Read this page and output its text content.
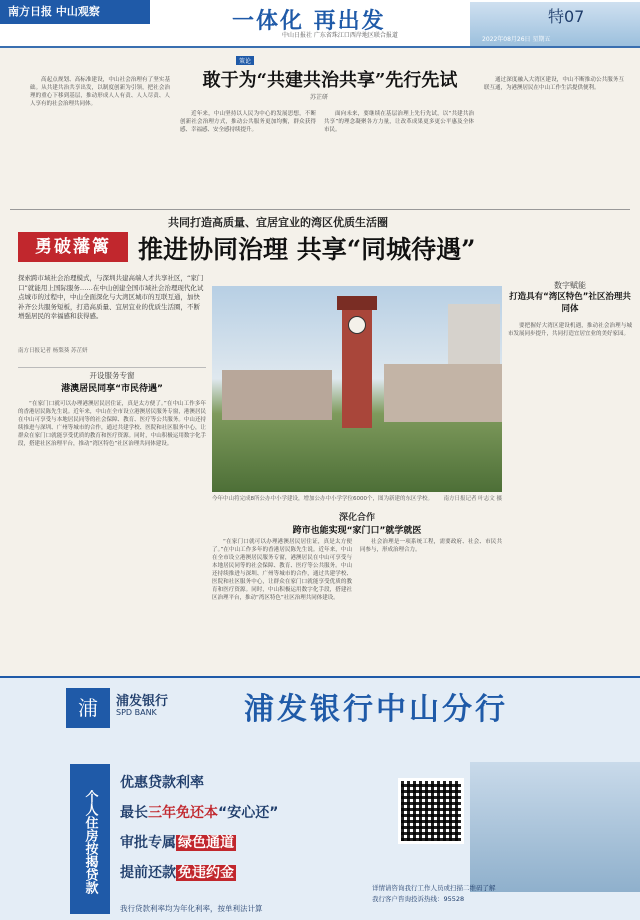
南方日报 中山观察	一体化 再出发
中山日报社 广东省珠江口西岸地区联合报道
特07
2022年08月26日 星期五
策论
敢于为“共建共治共享”先行先试
苏芷研

高起点规划、高标准建设，中山社会治理有了坚实基础。从共建共治共享出发，以制度创新为引领，把社会治理的重心下移到基层，推动形成人人有责、人人尽责、人人享有的社会治理共同体。

近年来，中山坚持以人民为中心的发展思想，不断创新社会治理方式，推动公共服务更加均衡，群众获得感、幸福感、安全感持续提升。

面向未来，要继续在基层治理上先行先试，以“共建共治共享”的理念凝聚各方力量，让改革成果更多更公平惠及全体市民。

通过深度融入大湾区建设，中山不断推动公共服务互联互通，为港澳居民在中山工作生活提供便利。

共同打造高质量、宜居宜业的湾区优质生活圈
勇破藩篱	推进协同治理 共享“同城待遇”
探索跨市域社会治理模式，与深圳共建高端人才共享社区，“家门口”就能用上国际服务……在中山创建全国市域社会治理现代化试点城市的过程中，中山全面深化与大湾区城市的互联互通，加快补齐公共服务短板，打造高质量、宜居宜业的优质生活圈，不断增强居民的幸福感和获得感。
南方日报记者 杨梨葵 苏芷妍
开设服务专窗
港澳居民同享“市民待遇”

“在家门口就可以办理港澳居民居住证，真是太方便了。”在中山工作多年的香港居民陈先生说。近年来，中山在全市设立港澳居民服务专窗，港澳居民在中山可享受与本地居民同等的社会保障、教育、医疗等公共服务。中山还持续推进与深圳、广州等城市的合作，通过共建学校、医院和社区服务中心，让群众在家门口就能享受优质的教育和医疗资源。同时，中山积极运用数字化手段，搭建社区治理平台，推动“湾区特色”社区治理共同体建设。

今年中山将完成8所公办中小学建设，增加公办中小学学位6000个，图为新建的东区学校。 南方日报记者 叶志文 摄
深化合作
跨市也能实现“家门口”就学就医

“在家门口就可以办理港澳居民居住证，真是太方便了。”在中山工作多年的香港居民陈先生说。近年来，中山在全市设立港澳居民服务专窗，港澳居民在中山可享受与本地居民同等的社会保障、教育、医疗等公共服务。中山还持续推进与深圳、广州等城市的合作，通过共建学校、医院和社区服务中心，让群众在家门口就能享受优质的教育和医疗资源。同时，中山积极运用数字化手段，搭建社区治理平台，推动“湾区特色”社区治理共同体建设。

社会治理是一项系统工程，需要政府、社会、市民共同参与，形成治理合力。

数字赋能
打造具有“湾区特色”社区治理共同体

要把握好大湾区建设机遇，推动社会治理与城市发展同步提升，共同打造宜居宜业的美好家园。

浦	浦发银行
SPD BANK	浦发银行中山分行
个人住房按揭贷款
优惠贷款利率
最长三年免还本“安心还”
审批专属 绿色通道
提前还款 免违约金
我行贷款利率均为年化利率，按单利法计算
详情请咨询我行工作人员或扫描二维码了解
我行客户咨询投诉热线：95528
